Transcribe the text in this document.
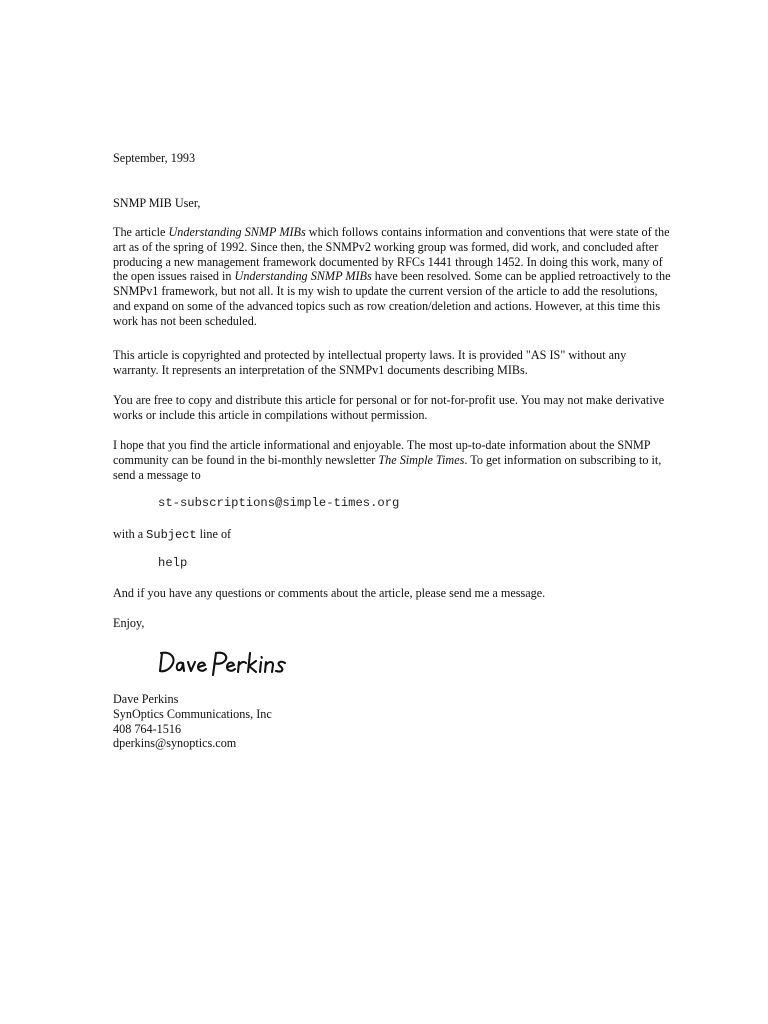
September, 1993

SNMP MIB User,

The article Understanding SNMP MIBs which follows contains information and conventions that were state of the art as of the spring of 1992. Since then, the SNMPv2 working group was formed, did work, and concluded after producing a new management framework documented by RFCs 1441 through 1452. In doing this work, many of the open issues raised in Understanding SNMP MIBs have been resolved. Some can be applied retroactively to the SNMPv1 framework, but not all. It is my wish to update the current version of the article to add the resolutions, and expand on some of the advanced topics such as row creation/deletion and actions. However, at this time this work has not been scheduled.

This article is copyrighted and protected by intellectual property laws. It is provided "AS IS" without any warranty. It represents an interpretation of the SNMPv1 documents describing MIBs.

You are free to copy and distribute this article for personal or for not-for-profit use. You may not make derivative works or include this article in compilations without permission.

I hope that you find the article informational and enjoyable. The most up-to-date information about the SNMP community can be found in the bi-monthly newsletter The Simple Times. To get information on subscribing to it, send a message to

st-subscriptions@simple-times.org

with a Subject line of

help

And if you have any questions or comments about the article, please send me a message.

Enjoy,

Dave Perkins
SynOptics Communications, Inc
408 764-1516
dperkins@synoptics.com
